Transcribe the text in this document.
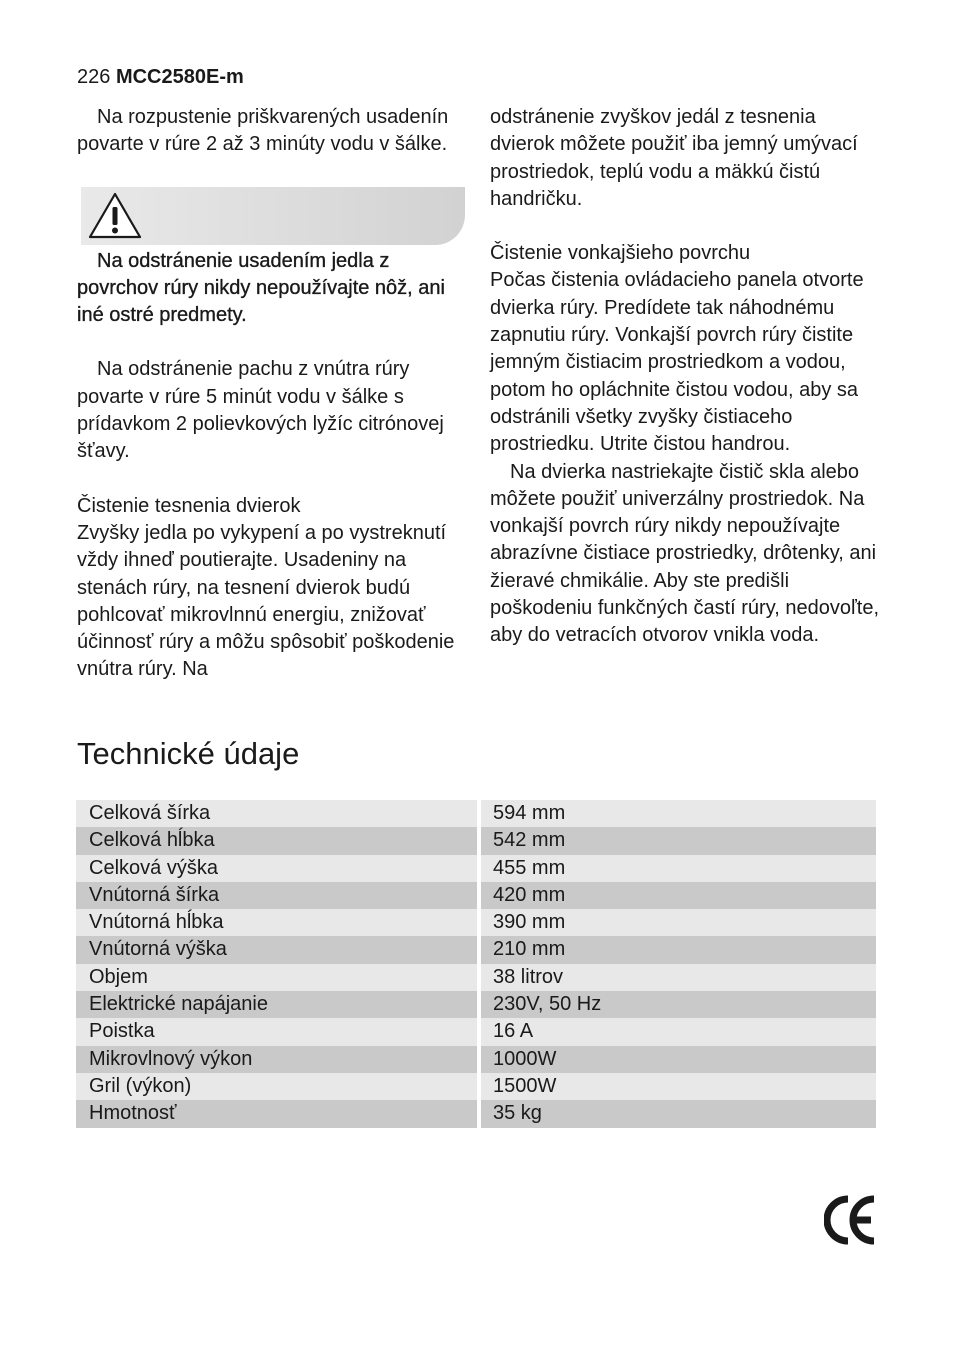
226 MCC2580E-m

Na rozpustenie priškvarených usadenín povarte v rúre 2 až 3 minúty vodu v šálke.

Na odstránenie usadením jedla z povrchov rúry nikdy nepoužívajte nôž, ani iné ostré predmety.

Na odstránenie pachu z vnútra rúry povarte v rúre 5 minút vodu v šálke s prídavkom 2 polievkových lyžíc citrónovej šťavy.

Čistenie tesnenia dvierok

Zvyšky jedla po vykypení a po vystreknutí vždy ihneď poutierajte. Usadeniny na stenách rúry, na tesnení dvierok budú pohlcovať mikrovlnnú energiu, znižovať účinnosť rúry a môžu spôsobiť poškodenie vnútra rúry. Na

odstránenie zvyškov jedál z tesnenia dvierok môžete použiť iba jemný umývací prostriedok, teplú vodu a mäkkú čistú handričku.

Čistenie vonkajšieho povrchu

Počas čistenia ovládacieho panela otvorte dvierka rúry. Predídete tak náhodnému zapnutiu rúry. Vonkajší povrch rúry čistite jemným čistiacim prostriedkom a vodou, potom ho opláchnite čistou vodou, aby sa odstránili všetky zvyšky čistiaceho prostriedku. Utrite čistou handrou.

Na dvierka nastriekajte čistič skla alebo môžete použiť univerzálny prostriedok. Na vonkajší povrch rúry nikdy nepoužívajte abrazívne čistiace prostriedky, drôtenky, ani žieravé chmikálie. Aby ste predišli poškodeniu funkčných častí rúry, nedovoľte, aby do vetracích otvorov vnikla voda.

Technické údaje
Celková šírka	594 mm
Celková hĺbka	542 mm
Celková výška	455 mm
Vnútorná šírka	420 mm
Vnútorná hĺbka	390 mm
Vnútorná výška	210 mm
Objem	38 litrov
Elektrické napájanie	230V, 50 Hz
Poistka	16 A
Mikrovlnový výkon	1000W
Gril (výkon)	1500W
Hmotnosť	35 kg
